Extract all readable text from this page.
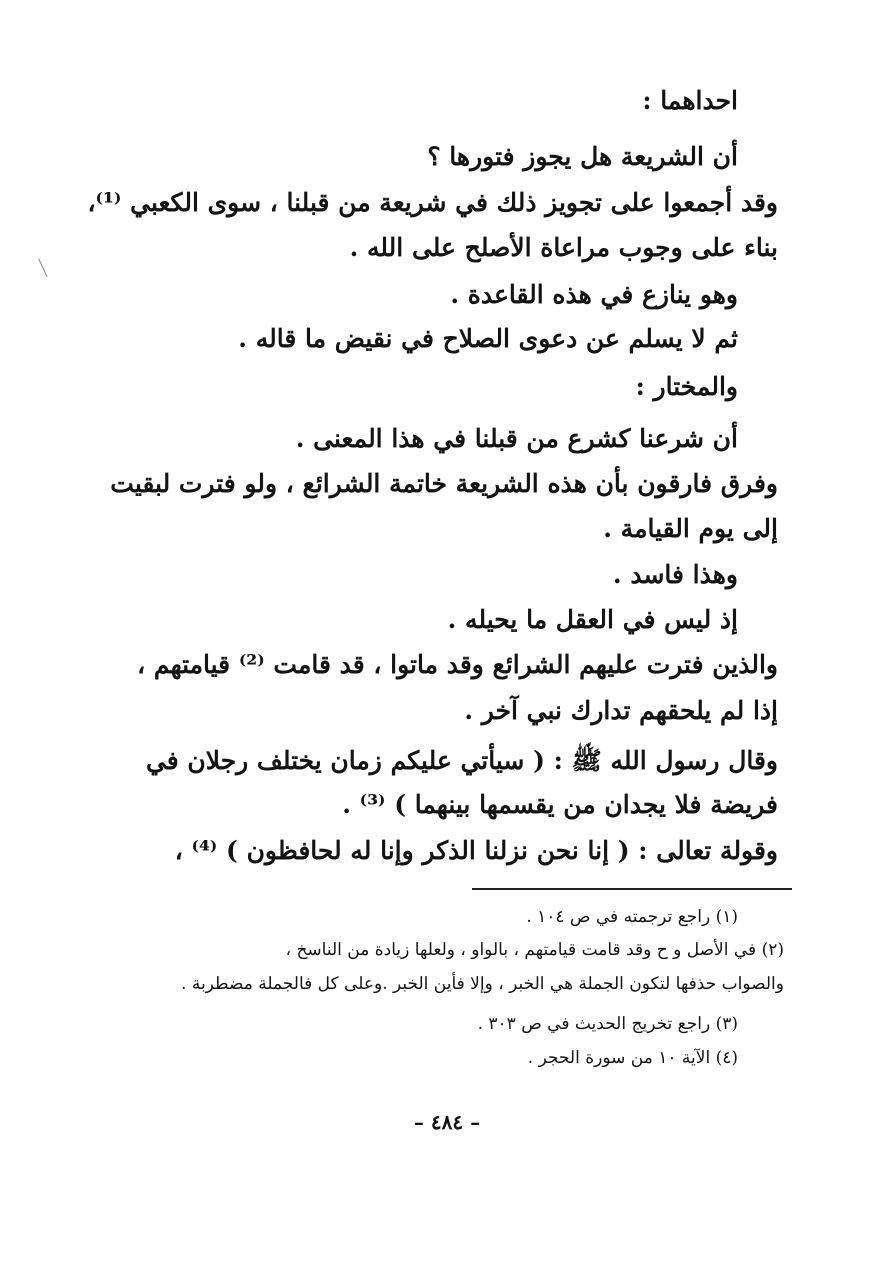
احداهما :
أن الشريعة هل يجوز فتورها ؟
وقد أجمعوا على تجويز ذلك في شريعة من قبلنا ، سوى الكعبي ⁽¹⁾،
بناء على وجوب مراعاة الأصلح على الله .
وهو ينازع في هذه القاعدة .
ثم لا يسلم عن دعوى الصلاح في نقيض ما قاله .
والمختار :
أن شرعنا كشرع من قبلنا في هذا المعنى .
وفرق فارقون بأن هذه الشريعة خاتمة الشرائع ، ولو فترت لبقيت
إلى يوم القيامة .
وهذا فاسد .
إذ ليس في العقل ما يحيله .
والذين فترت عليهم الشرائع وقد ماتوا ، قد قامت ⁽²⁾ قيامتهم ،
إذا لم يلحقهم تدارك نبي آخر .
وقال رسول الله ﷺ : ( سيأتي عليكم زمان يختلف رجلان في
فريضة فلا يجدان من يقسمها بينهما ) ⁽³⁾ .
وقولة تعالى : ( إنا نحن نزلنا الذكر وإنا له لحافظون ) ⁽⁴⁾ ،
(١) راجع ترجمته في ص ١٠٤ .
(٢) في الأصل و ح وقد قامت قيامتهم ، بالواو ، ولعلها زيادة من الناسخ ،
والصواب حذفها لتكون الجملة هي الخبر ، وإلا فأين الخبر .وعلى كل فالجملة مضطربة .
(٣) راجع تخريج الحديث في ص ٣٠٣ .
(٤) الآية ١٠ من سورة الحجر .
– ٤٨٤ –
